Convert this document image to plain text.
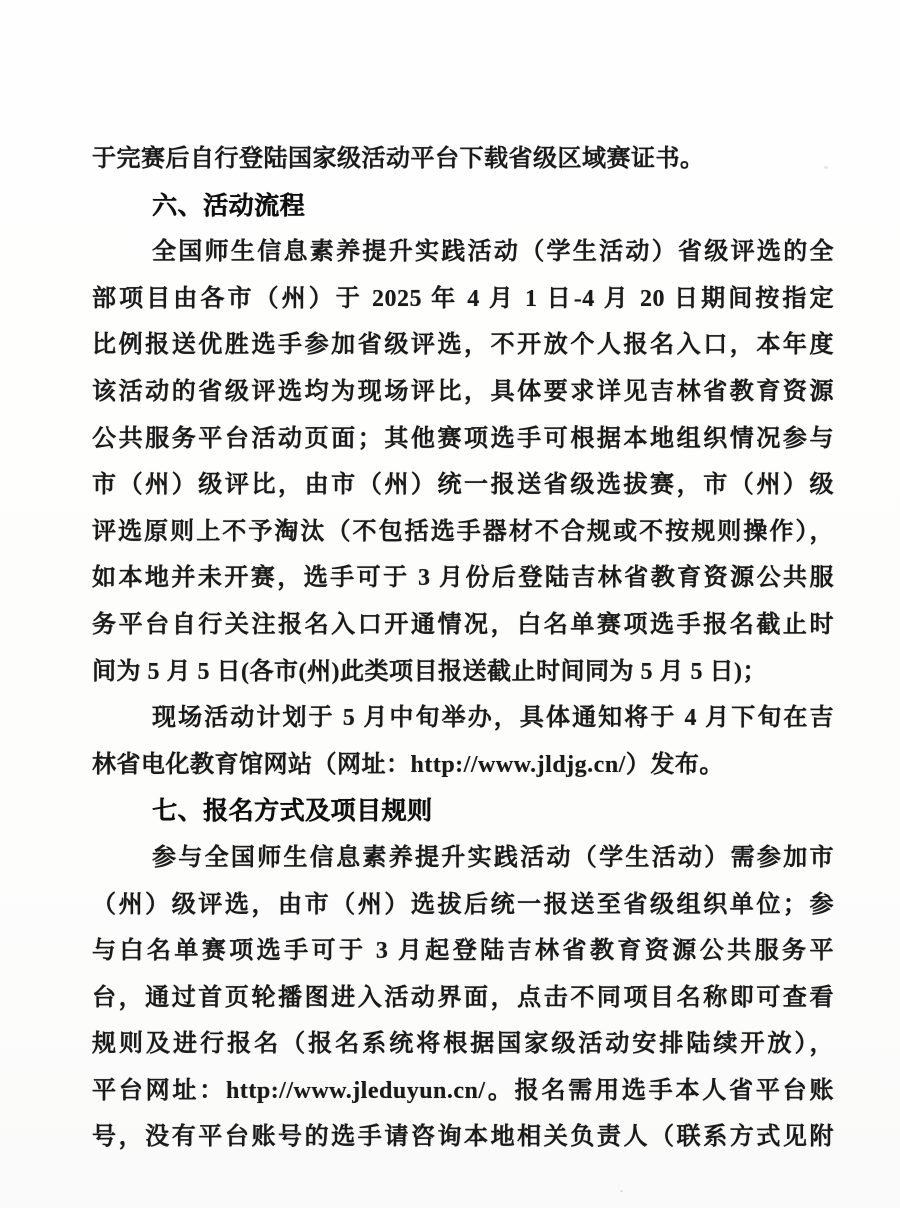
于完赛后自行登陆国家级活动平台下载省级区域赛证书。
六、活动流程
全国师生信息素养提升实践活动（学生活动）省级评选的全
部项目由各市（州）于 2025 年 4 月 1 日-4 月 20 日期间按指定
比例报送优胜选手参加省级评选，不开放个人报名入口，本年度
该活动的省级评选均为现场评比，具体要求详见吉林省教育资源
公共服务平台活动页面；其他赛项选手可根据本地组织情况参与
市（州）级评比，由市（州）统一报送省级选拔赛，市（州）级
评选原则上不予淘汰（不包括选手器材不合规或不按规则操作），
如本地并未开赛，选手可于 3 月份后登陆吉林省教育资源公共服
务平台自行关注报名入口开通情况，白名单赛项选手报名截止时
间为 5 月 5 日(各市(州)此类项目报送截止时间同为 5 月 5 日)；
现场活动计划于 5 月中旬举办，具体通知将于 4 月下旬在吉
林省电化教育馆网站（网址：http://www.jldjg.cn/）发布。
七、报名方式及项目规则
参与全国师生信息素养提升实践活动（学生活动）需参加市
（州）级评选，由市（州）选拔后统一报送至省级组织单位；参
与白名单赛项选手可于 3 月起登陆吉林省教育资源公共服务平
台，通过首页轮播图进入活动界面，点击不同项目名称即可查看
规则及进行报名（报名系统将根据国家级活动安排陆续开放），
平台网址：http://www.jleduyun.cn/。报名需用选手本人省平台账
号，没有平台账号的选手请咨询本地相关负责人（联系方式见附
